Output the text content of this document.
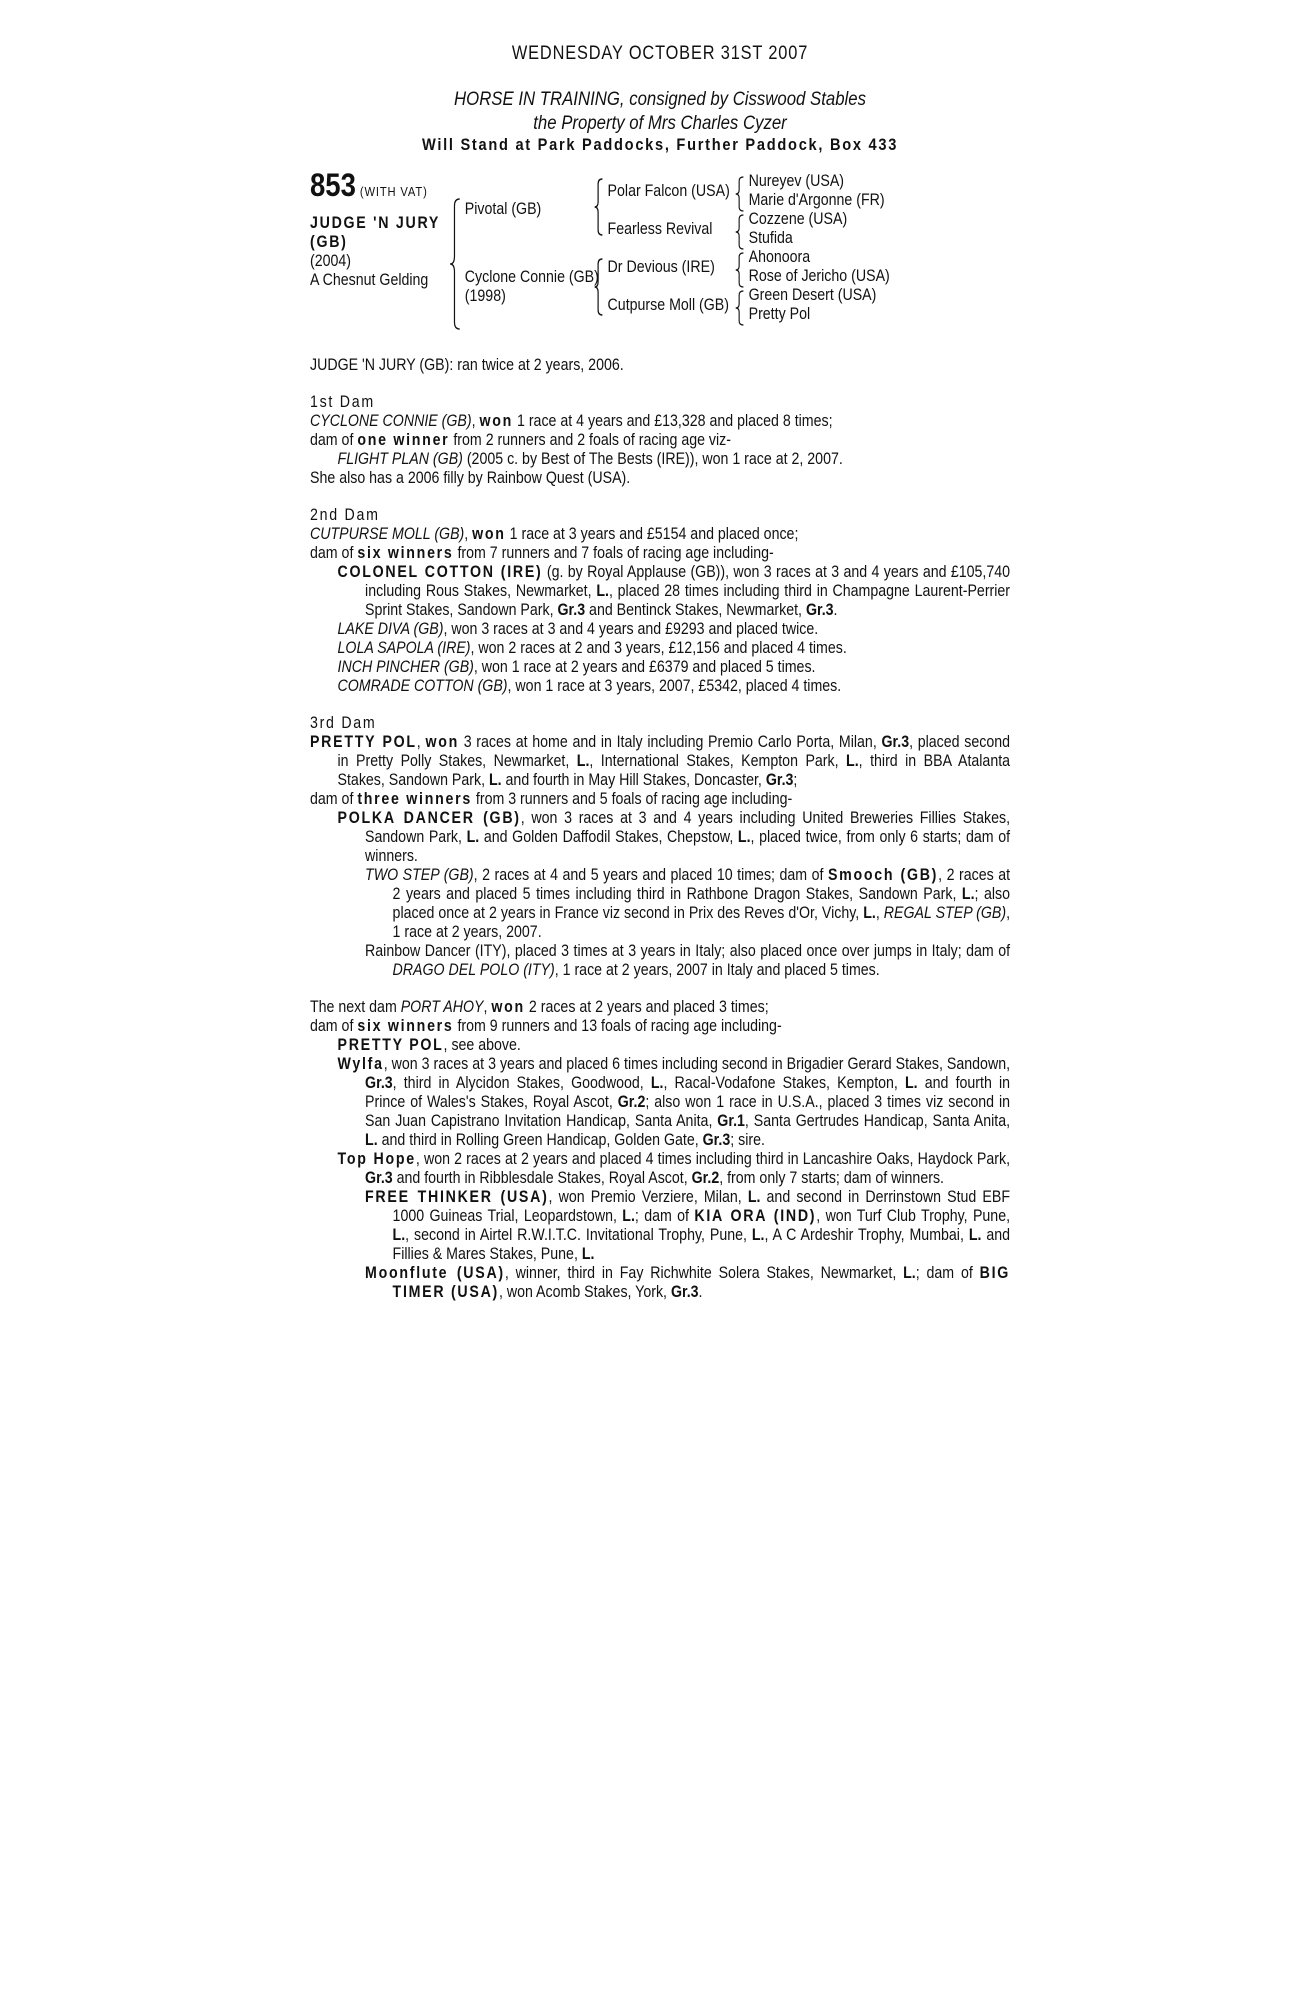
WEDNESDAY OCTOBER 31ST 2007
HORSE IN TRAINING, consigned by Cisswood Stables
the Property of Mrs Charles Cyzer
Will Stand at Park Paddocks, Further Paddock, Box 433
853 (WITH VAT)
JUDGE 'N JURY
(GB)
(2004)
A Chesnut Gelding
Pivotal (GB)
Cyclone Connie (GB)
(1998)
Polar Falcon (USA)
Fearless Revival
Dr Devious (IRE)
Cutpurse Moll (GB)
Nureyev (USA)
Marie d'Argonne (FR)
Cozzene (USA)
Stufida
Ahonoora
Rose of Jericho (USA)
Green Desert (USA)
Pretty Pol
JUDGE 'N JURY (GB): ran twice at 2 years, 2006.
1st Dam
CYCLONE CONNIE (GB), won 1 race at 4 years and £13,328 and placed 8 times;
dam of one winner from 2 runners and 2 foals of racing age viz-
FLIGHT PLAN (GB) (2005 c. by Best of The Bests (IRE)), won 1 race at 2, 2007.
She also has a 2006 filly by Rainbow Quest (USA).
2nd Dam
CUTPURSE MOLL (GB), won 1 race at 3 years and £5154 and placed once;
dam of six winners from 7 runners and 7 foals of racing age including-
COLONEL COTTON (IRE) (g. by Royal Applause (GB)), won 3 races at 3 and 4 years and £105,740 including Rous Stakes, Newmarket, L., placed 28 times including third in Champagne Laurent-Perrier Sprint Stakes, Sandown Park, Gr.3 and Bentinck Stakes, Newmarket, Gr.3.
LAKE DIVA (GB), won 3 races at 3 and 4 years and £9293 and placed twice.
LOLA SAPOLA (IRE), won 2 races at 2 and 3 years, £12,156 and placed 4 times.
INCH PINCHER (GB), won 1 race at 2 years and £6379 and placed 5 times.
COMRADE COTTON (GB), won 1 race at 3 years, 2007, £5342, placed 4 times.
3rd Dam
PRETTY POL, won 3 races at home and in Italy including Premio Carlo Porta, Milan, Gr.3, placed second in Pretty Polly Stakes, Newmarket, L., International Stakes, Kempton Park, L., third in BBA Atalanta Stakes, Sandown Park, L. and fourth in May Hill Stakes, Doncaster, Gr.3;
dam of three winners from 3 runners and 5 foals of racing age including-
POLKA DANCER (GB), won 3 races at 3 and 4 years including United Breweries Fillies Stakes, Sandown Park, L. and Golden Daffodil Stakes, Chepstow, L., placed twice, from only 6 starts; dam of winners.
TWO STEP (GB), 2 races at 4 and 5 years and placed 10 times; dam of Smooch (GB), 2 races at 2 years and placed 5 times including third in Rathbone Dragon Stakes, Sandown Park, L.; also placed once at 2 years in France viz second in Prix des Reves d'Or, Vichy, L., REGAL STEP (GB), 1 race at 2 years, 2007.
Rainbow Dancer (ITY), placed 3 times at 3 years in Italy; also placed once over jumps in Italy; dam of DRAGO DEL POLO (ITY), 1 race at 2 years, 2007 in Italy and placed 5 times.
The next dam PORT AHOY, won 2 races at 2 years and placed 3 times;
dam of six winners from 9 runners and 13 foals of racing age including-
PRETTY POL, see above.
Wylfa, won 3 races at 3 years and placed 6 times including second in Brigadier Gerard Stakes, Sandown, Gr.3, third in Alycidon Stakes, Goodwood, L., Racal-Vodafone Stakes, Kempton, L. and fourth in Prince of Wales's Stakes, Royal Ascot, Gr.2; also won 1 race in U.S.A., placed 3 times viz second in San Juan Capistrano Invitation Handicap, Santa Anita, Gr.1, Santa Gertrudes Handicap, Santa Anita, L. and third in Rolling Green Handicap, Golden Gate, Gr.3; sire.
Top Hope, won 2 races at 2 years and placed 4 times including third in Lancashire Oaks, Haydock Park, Gr.3 and fourth in Ribblesdale Stakes, Royal Ascot, Gr.2, from only 7 starts; dam of winners.
FREE THINKER (USA), won Premio Verziere, Milan, L. and second in Derrinstown Stud EBF 1000 Guineas Trial, Leopardstown, L.; dam of KIA ORA (IND), won Turf Club Trophy, Pune, L., second in Airtel R.W.I.T.C. Invitational Trophy, Pune, L., A C Ardeshir Trophy, Mumbai, L. and Fillies & Mares Stakes, Pune, L.
Moonflute (USA), winner, third in Fay Richwhite Solera Stakes, Newmarket, L.; dam of BIG TIMER (USA), won Acomb Stakes, York, Gr.3.
